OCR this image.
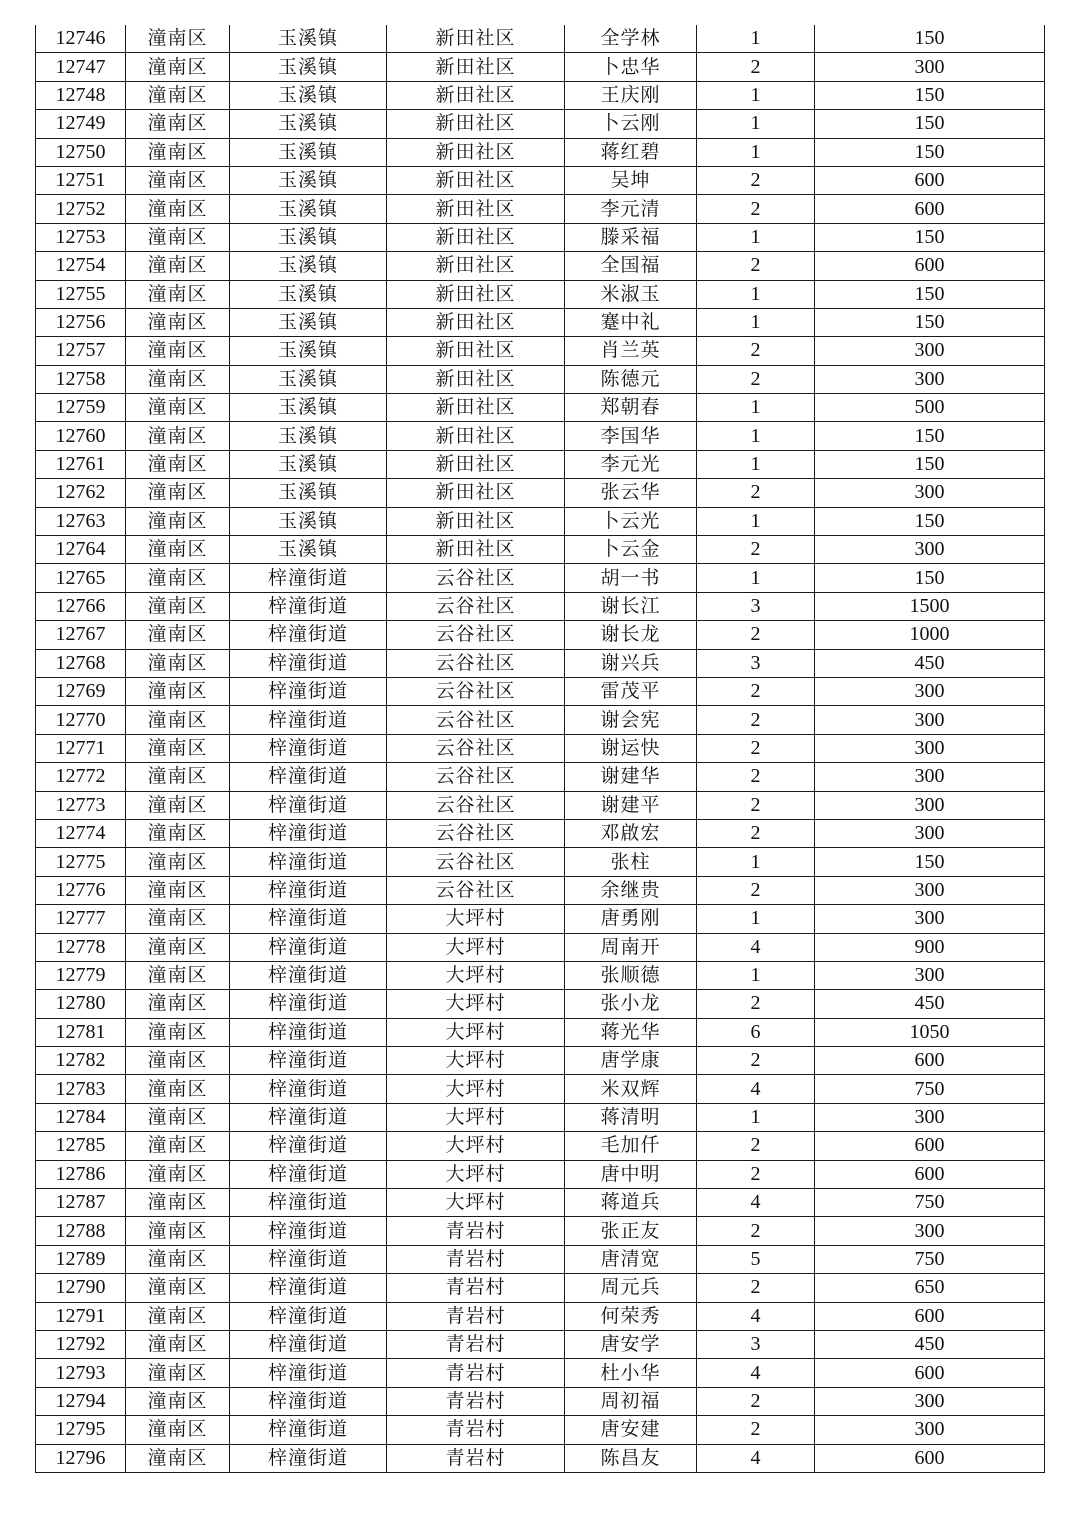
12746	潼南区	玉溪镇	新田社区	全学林	1	150
12747	潼南区	玉溪镇	新田社区	卜忠华	2	300
12748	潼南区	玉溪镇	新田社区	王庆刚	1	150
12749	潼南区	玉溪镇	新田社区	卜云刚	1	150
12750	潼南区	玉溪镇	新田社区	蒋红碧	1	150
12751	潼南区	玉溪镇	新田社区	吴坤	2	600
12752	潼南区	玉溪镇	新田社区	李元清	2	600
12753	潼南区	玉溪镇	新田社区	滕采福	1	150
12754	潼南区	玉溪镇	新田社区	全国福	2	600
12755	潼南区	玉溪镇	新田社区	米淑玉	1	150
12756	潼南区	玉溪镇	新田社区	蹇中礼	1	150
12757	潼南区	玉溪镇	新田社区	肖兰英	2	300
12758	潼南区	玉溪镇	新田社区	陈德元	2	300
12759	潼南区	玉溪镇	新田社区	郑朝春	1	500
12760	潼南区	玉溪镇	新田社区	李国华	1	150
12761	潼南区	玉溪镇	新田社区	李元光	1	150
12762	潼南区	玉溪镇	新田社区	张云华	2	300
12763	潼南区	玉溪镇	新田社区	卜云光	1	150
12764	潼南区	玉溪镇	新田社区	卜云金	2	300
12765	潼南区	梓潼街道	云谷社区	胡一书	1	150
12766	潼南区	梓潼街道	云谷社区	谢长江	3	1500
12767	潼南区	梓潼街道	云谷社区	谢长龙	2	1000
12768	潼南区	梓潼街道	云谷社区	谢兴兵	3	450
12769	潼南区	梓潼街道	云谷社区	雷茂平	2	300
12770	潼南区	梓潼街道	云谷社区	谢会宪	2	300
12771	潼南区	梓潼街道	云谷社区	谢运快	2	300
12772	潼南区	梓潼街道	云谷社区	谢建华	2	300
12773	潼南区	梓潼街道	云谷社区	谢建平	2	300
12774	潼南区	梓潼街道	云谷社区	邓啟宏	2	300
12775	潼南区	梓潼街道	云谷社区	张柱	1	150
12776	潼南区	梓潼街道	云谷社区	余继贵	2	300
12777	潼南区	梓潼街道	大坪村	唐勇刚	1	300
12778	潼南区	梓潼街道	大坪村	周南开	4	900
12779	潼南区	梓潼街道	大坪村	张顺德	1	300
12780	潼南区	梓潼街道	大坪村	张小龙	2	450
12781	潼南区	梓潼街道	大坪村	蒋光华	6	1050
12782	潼南区	梓潼街道	大坪村	唐学康	2	600
12783	潼南区	梓潼街道	大坪村	米双辉	4	750
12784	潼南区	梓潼街道	大坪村	蒋清明	1	300
12785	潼南区	梓潼街道	大坪村	毛加仟	2	600
12786	潼南区	梓潼街道	大坪村	唐中明	2	600
12787	潼南区	梓潼街道	大坪村	蒋道兵	4	750
12788	潼南区	梓潼街道	青岩村	张正友	2	300
12789	潼南区	梓潼街道	青岩村	唐清宽	5	750
12790	潼南区	梓潼街道	青岩村	周元兵	2	650
12791	潼南区	梓潼街道	青岩村	何荣秀	4	600
12792	潼南区	梓潼街道	青岩村	唐安学	3	450
12793	潼南区	梓潼街道	青岩村	杜小华	4	600
12794	潼南区	梓潼街道	青岩村	周初福	2	300
12795	潼南区	梓潼街道	青岩村	唐安建	2	300
12796	潼南区	梓潼街道	青岩村	陈昌友	4	600
